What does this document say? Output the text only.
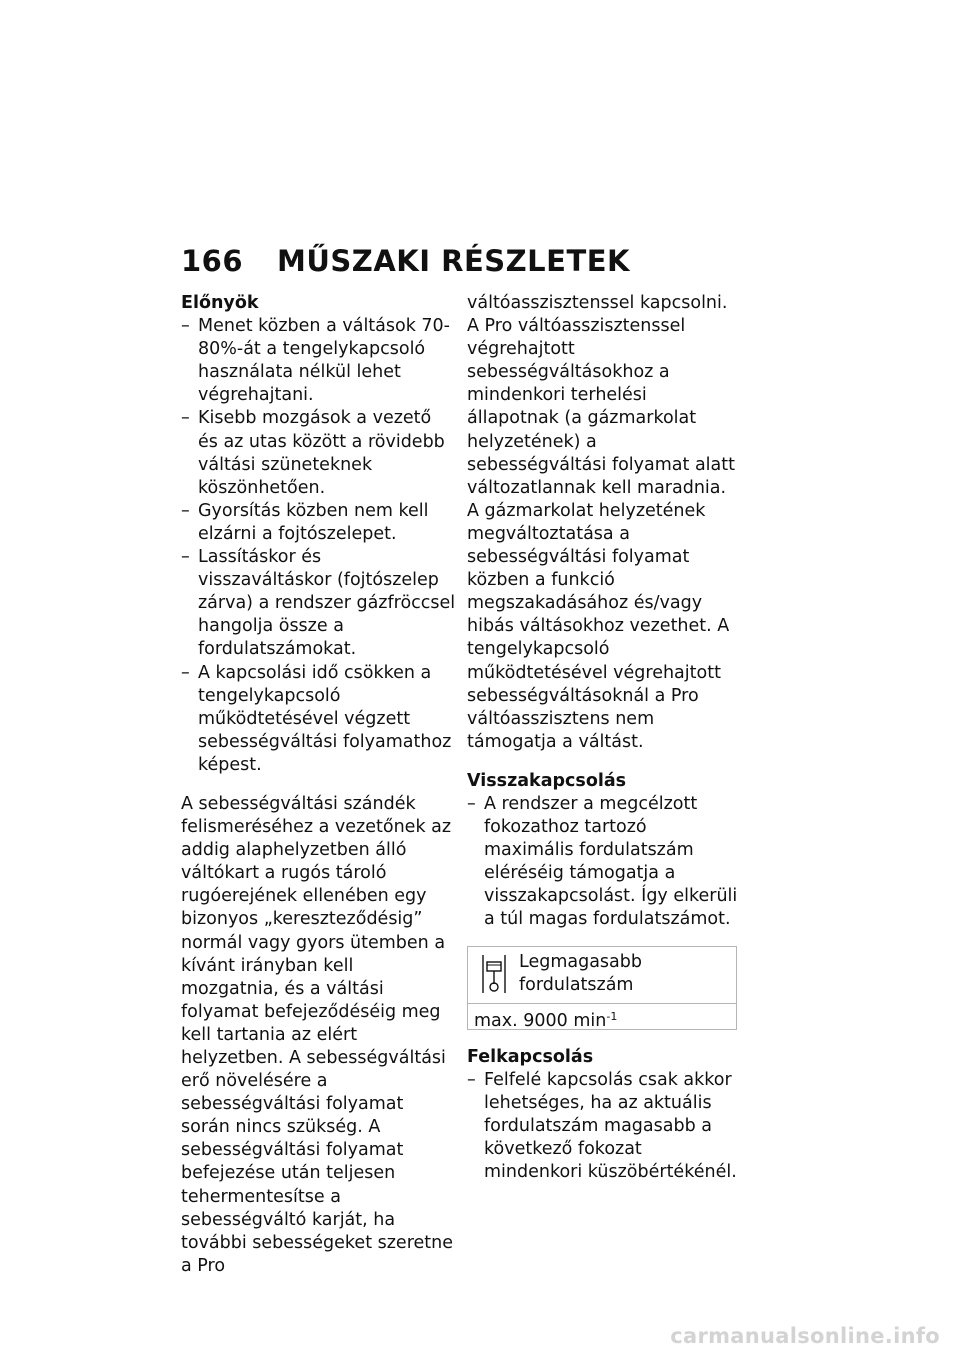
166 MŰSZAKI RÉSZLETEK
Előnyök

– Menet közben a váltások 70-80%-át a tengelykapcsoló használata nélkül lehet végrehajtani.

– Kisebb mozgások a vezető és az utas között a rövidebb váltási szüneteknek köszönhetően.

– Gyorsítás közben nem kell elzárni a fojtószelepet.

– Lassításkor és visszaváltáskor (fojtószelep zárva) a rendszer gázfröccsel hangolja össze a fordulatszámokat.

– A kapcsolási idő csökken a tengelykapcsoló működtetésével végzett sebességváltási folyamathoz képest.

A sebességváltási szándék felismeréséhez a vezetőnek az addig alaphelyzetben álló váltókart a rugós tároló rugóerejének ellenében egy bizonyos „kereszteződésig” normál vagy gyors ütemben a kívánt irányban kell mozgatnia, és a váltási folyamat befejeződéséig meg kell tartania az elért helyzetben. A sebességváltási erő növelésére a sebességváltási folyamat során nincs szükség. A sebességváltási folyamat befejezése után teljesen tehermentesítse a sebességváltó karját, ha további sebességeket szeretne a Pro

váltóasszisztenssel kapcsolni. A Pro váltóasszisztenssel végrehajtott sebességváltásokhoz a mindenkori terhelési állapotnak (a gázmarkolat helyzetének) a sebességváltási folyamat alatt változatlannak kell maradnia. A gázmarkolat helyzetének megváltoztatása a sebességváltási folyamat közben a funkció megszakadásához és/vagy hibás váltásokhoz vezethet. A tengelykapcsoló működtetésével végrehajtott sebességváltásoknál a Pro váltóasszisztens nem támogatja a váltást.

Visszakapcsolás

– A rendszer a megcélzott fokozathoz tartozó maximális fordulatszám eléréséig támogatja a visszakapcsolást. Így elkerüli a túl magas fordulatszámot.

Legmagasabb fordulatszám
max. 9000 $\min^{-1}$
Felkapcsolás

– Felfelé kapcsolás csak akkor lehetséges, ha az aktuális fordulatszám magasabb a következő fokozat mindenkori küszöbértékénél.

carmanualsonline.info
